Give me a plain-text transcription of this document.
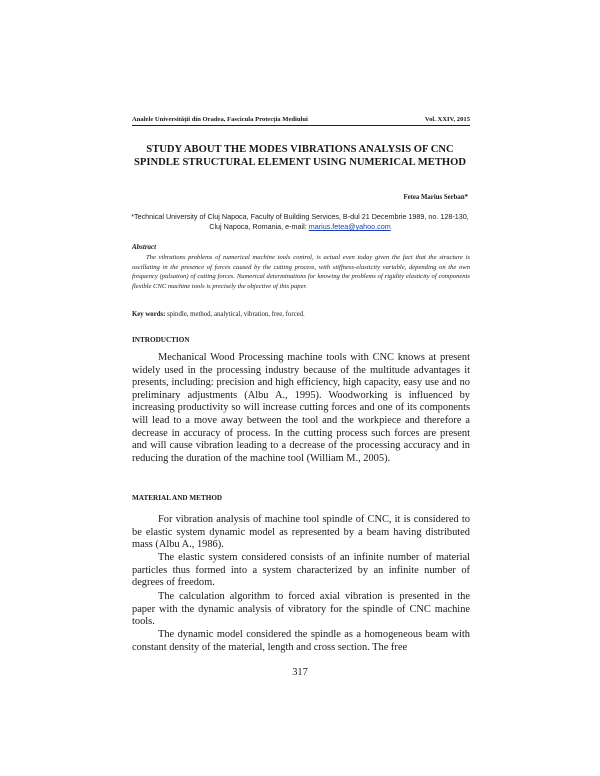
Analele Universităţii din Oradea, Fascicula Protecţia Mediului	Vol. XXIV, 2015
STUDY ABOUT THE MODES VIBRATIONS ANALYSIS OF CNC SPINDLE STRUCTURAL ELEMENT USING NUMERICAL METHOD
Fetea Marius Serban*
*Technical University of Cluj Napoca, Faculty of Building Services, B-dul 21 Decembrie 1989, no. 128-130, Cluj Napoca, Romania, e-mail: marius.fetea@yahoo.com
Abstract
The vibrations problems of numerical machine tools control, is actual even today given the fact that the structure is oscillating in the presence of forces caused by the cutting process, with stiffness-elasticity variable, depending on the own frequency (pulsation) of cutting forces. Numerical determinations for knowing the problems of rigidity elasticity of components flexible CNC machine tools is precisely the objective of this paper.
Key words: spindle, method, analytical, vibration, free, forced.
INTRODUCTION
Mechanical Wood Processing machine tools with CNC knows at present widely used in the processing industry because of the multitude advantages it presents, including: precision and high efficiency, high capacity, easy use and no preliminary adjustments (Albu A., 1995). Woodworking is influenced by increasing productivity so will increase cutting forces and one of its components will lead to a move away between the tool and the workpiece and therefore a decrease in accuracy of process. In the cutting process such forces are present and will cause vibration leading to a decrease of the processing accuracy and in reducing the duration of the machine tool (William M., 2005).
MATERIAL AND METHOD
For vibration analysis of machine tool spindle of CNC, it is considered to be elastic system dynamic model as represented by a beam having distributed mass (Albu A., 1986).
The elastic system considered consists of an infinite number of material particles thus formed into a system characterized by an infinite number of degrees of freedom.
The calculation algorithm to forced axial vibration is presented in the paper with the dynamic analysis of vibratory for the spindle of CNC machine tools.
The dynamic model considered the spindle as a homogeneous beam with constant density of the material, length and cross section. The free
317
